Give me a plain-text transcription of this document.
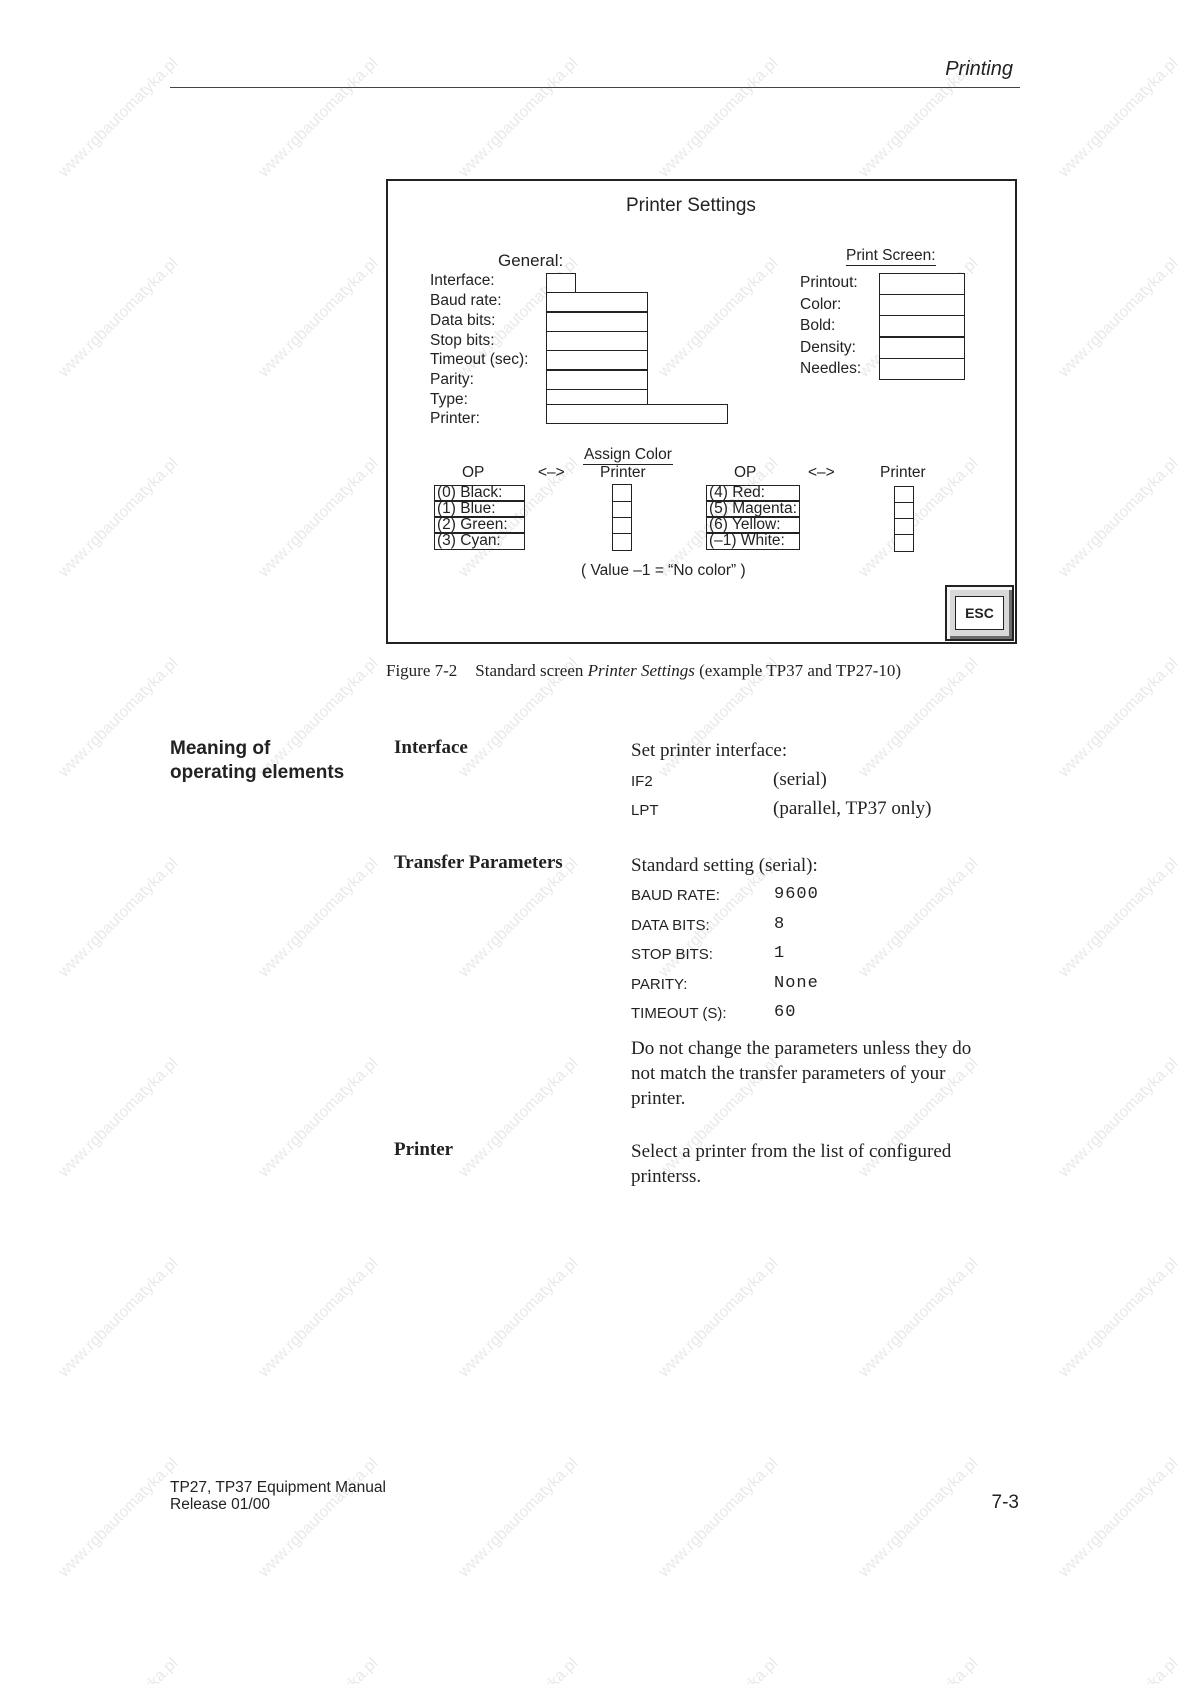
Printing
Printer Settings
General:
Interface:
Baud rate:
Data bits:
Stop bits:
Timeout (sec):
Parity:
Type:
Printer:
Print Screen:
Printout:
Color:
Bold:
Density:
Needles:
Assign Color
OP	<–> Printer	OP	<–>	Printer
(0) Black:
(1) Blue:
(2) Green:
(3) Cyan:
(4) Red:
(5) Magenta:
(6) Yellow:
(–1) White:
( Value –1 = “No color” )
ESC
Figure 7-2 Standard screen Printer Settings (example TP37 and TP27-10)
Meaning of
operating elements
Interface	Set printer interface:
IF2	(serial)
LPT	(parallel, TP37 only)
Transfer Parameters	Standard setting (serial):
BAUD RATE:	9600
DATA BITS:	8
STOP BITS:	1
PARITY:	None
TIMEOUT (S):	60
Do not change the parameters unless they do
not match the transfer parameters of your
printer.
Printer	Select a printer from the list of configured
printerss.
TP27, TP37 Equipment Manual
Release 01/00	7-3
